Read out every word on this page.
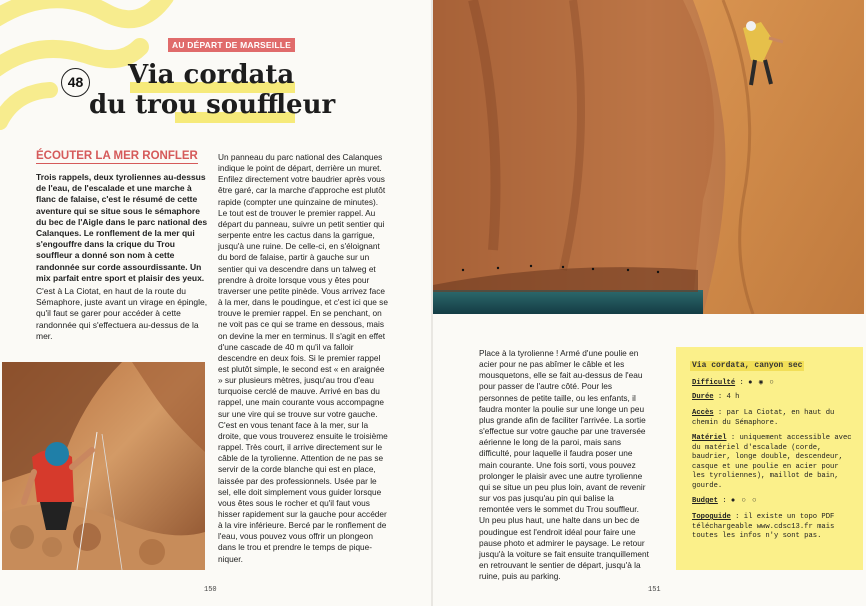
AU DÉPART DE MARSEILLE
48 Via cordata
du trou souffleur
ÉCOUTER LA MER RONFLER

Trois rappels, deux tyroliennes au-dessus de l'eau, de l'escalade et une marche à flanc de falaise, c'est le résumé de cette aventure qui se situe sous le sémaphore du bec de l'Aigle dans le parc national des Calanques. Le ronflement de la mer qui s'engouffre dans la crique du Trou souffleur a donné son nom à cette randonnée sur corde assourdissante. Un mix parfait entre sport et plaisir des yeux.

C'est à La Ciotat, en haut de la route du Sémaphore, juste avant un virage en épingle, qu'il faut se garer pour accéder à cette randonnée qui s'effectuera au-dessus de la mer.

Un panneau du parc national des Calanques indique le point de départ, derrière un muret. Enfilez directement votre baudrier après vous être garé, car la marche d'approche est plutôt rapide (compter une quinzaine de minutes). Le tout est de trouver le premier rappel. Au départ du panneau, suivre un petit sentier qui serpente entre les cactus dans la garrigue, jusqu'à une ruine. De celle-ci, en s'éloignant du bord de falaise, partir à gauche sur un sentier qui va descendre dans un talweg et prendre à droite lorsque vous y êtes pour traverser une petite pinède. Vous arrivez face à la mer, dans le poudingue, et c'est ici que se trouve le premier rappel. En se penchant, on ne voit pas ce qui se trame en dessous, mais on devine la mer en terminus. Il s'agit en effet d'une cascade de 40 m qu'il va falloir descendre en deux fois. Si le premier rappel est plutôt simple, le second est « en araignée » sur plusieurs mètres, jusqu'au trou d'eau turquoise cerclé de mauve. Arrivé en bas du rappel, une main courante vous accompagne sur une vire qui se trouve sur votre gauche. C'est en vous tenant face à la mer, sur la droite, que vous trouverez ensuite le troisième rappel. Très court, il arrive directement sur le câble de la tyrolienne. Attention de ne pas se servir de la corde blanche qui est en place, laissée par des professionnels. Usée par le sel, elle doit simplement vous guider lorsque vous êtes sous le rocher et qu'il faut vous hisser rapidement sur la gauche pour accéder à la vire inférieure. Bercé par le ronflement de l'eau, vous pouvez vous offrir un plongeon dans le trou et prendre le temps de pique-niquer.

150

Place à la tyrolienne ! Armé d'une poulie en acier pour ne pas abîmer le câble et les mousquetons, elle se fait au-dessus de l'eau pour passer de l'autre côté. Pour les personnes de petite taille, ou les enfants, il faudra monter la poulie sur une longe un peu plus grande afin de faciliter l'arrivée. La sortie s'effectue sur votre gauche par une traversée aérienne le long de la paroi, mais sans difficulté, pour laquelle il faudra poser une main courante. Une fois sorti, vous pouvez prolonger le plaisir avec une autre tyrolienne qui se situe un peu plus loin, avant de revenir sur vos pas jusqu'au pin qui balise la remontée vers le sommet du Trou souffleur. Un peu plus haut, une halte dans un bec de poudingue est l'endroit idéal pour faire une pause photo et admirer le paysage. Le retour jusqu'à la voiture se fait ensuite tranquillement en retrouvant le sentier de départ, jusqu'à la ruine, puis au parking.

151
Via cordata, canyon sec
Difficulté : ● ◉ ○
Durée : 4 h
Accès : par La Ciotat, en haut du chemin du Sémaphore.
Matériel : uniquement accessible avec du matériel d'escalade (corde, baudrier, longe double, descendeur, casque et une poulie en acier pour les tyroliennes), maillot de bain, gourde.
Budget : ● ○ ○
Topoguide : il existe un topo PDF téléchargeable www.cdsc13.fr mais toutes les infos n'y sont pas.
